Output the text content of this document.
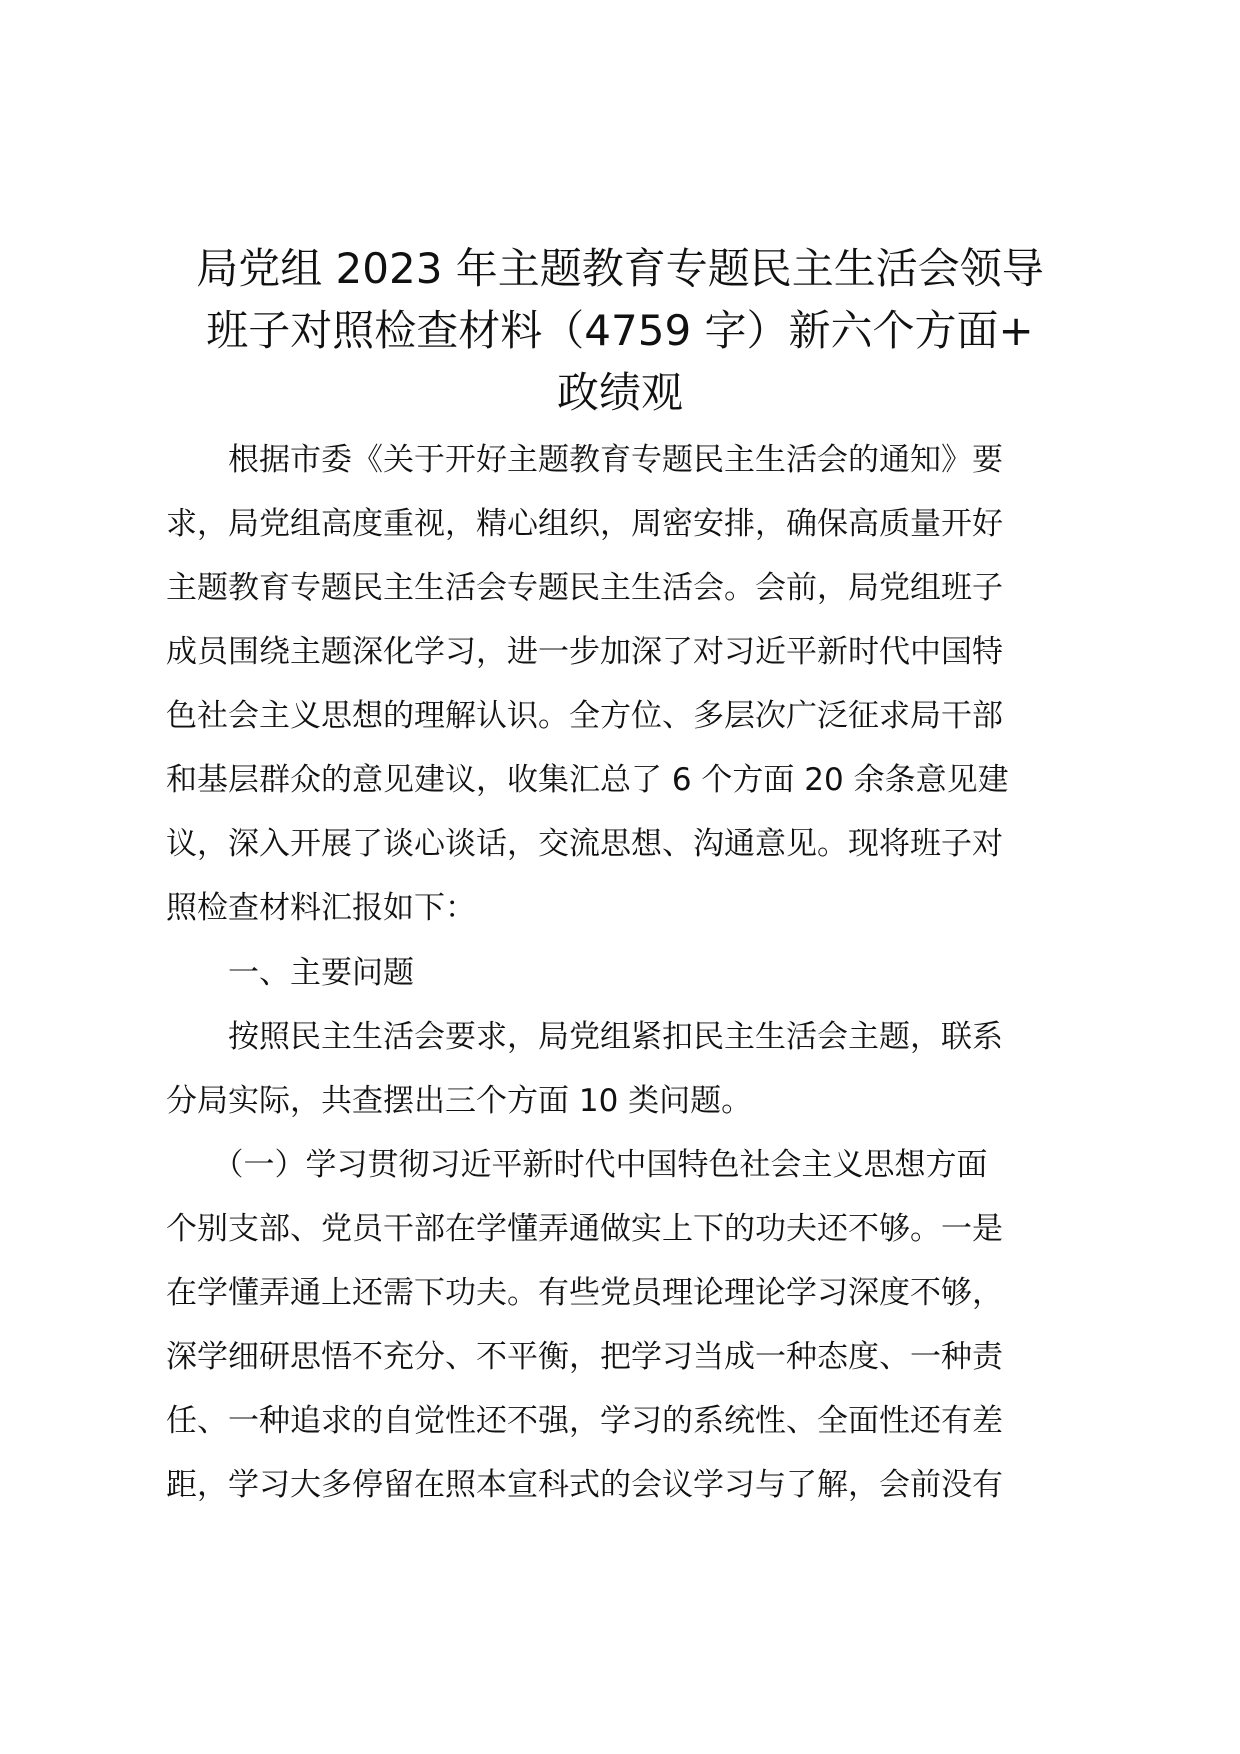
局党组 2023 年主题教育专题民主生活会领导
班子对照检查材料（4759 字）新六个方面+
政绩观

　　根据市委《关于开好主题教育专题民主生活会的通知》要

求，局党组高度重视，精心组织，周密安排，确保高质量开好

主题教育专题民主生活会专题民主生活会。会前，局党组班子

成员围绕主题深化学习，进一步加深了对习近平新时代中国特

色社会主义思想的理解认识。全方位、多层次广泛征求局干部

和基层群众的意见建议，收集汇总了 6 个方面 20 余条意见建

议，深入开展了谈心谈话，交流思想、沟通意见。现将班子对

照检查材料汇报如下：

　　一、主要问题

　　按照民主生活会要求，局党组紧扣民主生活会主题，联系

分局实际，共查摆出三个方面 10 类问题。

　　（一）学习贯彻习近平新时代中国特色社会主义思想方面

个别支部、党员干部在学懂弄通做实上下的功夫还不够。一是

在学懂弄通上还需下功夫。有些党员理论理论学习深度不够，

深学细研思悟不充分、不平衡，把学习当成一种态度、一种责

任、一种追求的自觉性还不强，学习的系统性、全面性还有差

距，学习大多停留在照本宣科式的会议学习与了解，会前没有
